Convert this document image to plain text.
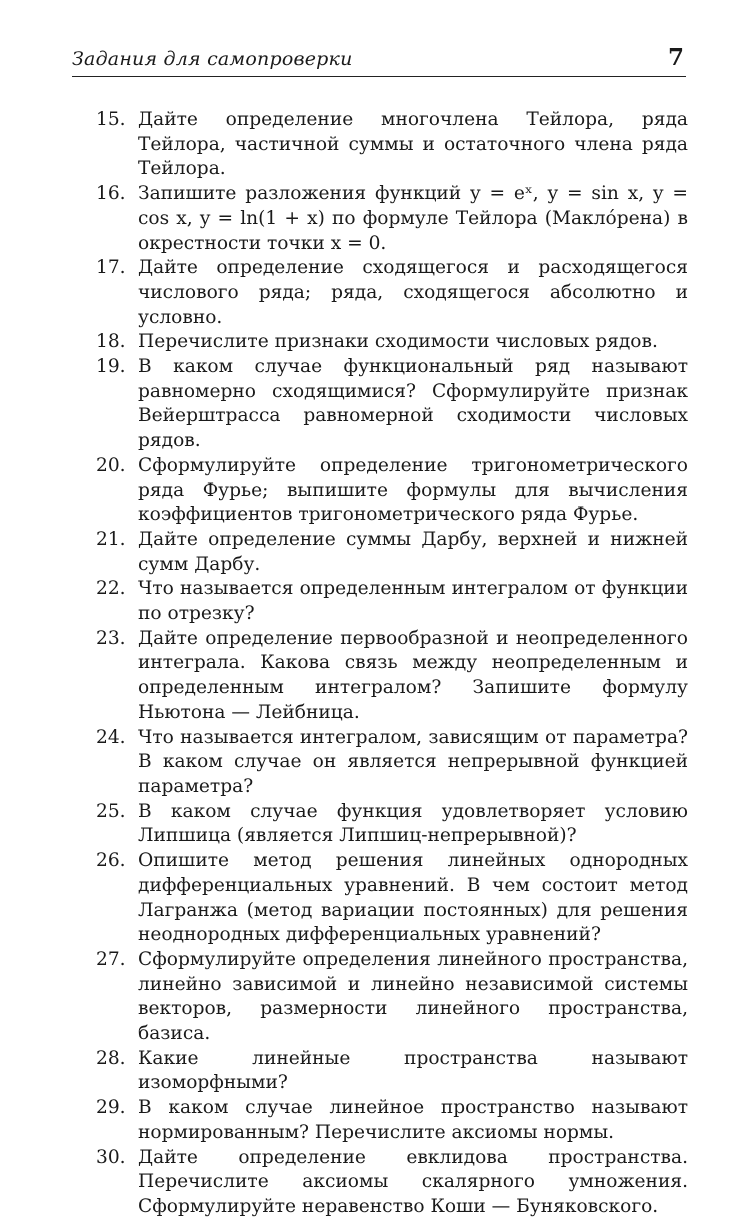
Задания для самопроверки	7
15. Дайте определение многочлена Тейлора, ряда Тейлора, частичной суммы и остаточного члена ряда Тейлора.
16. Запишите разложения функций y = eˣ, y = sin x, y = cos x, y = ln(1 + x) по формуле Тейлора (Макло́рена) в окрестности точки x = 0.
17. Дайте определение сходящегося и расходящегося числового ряда; ряда, сходящегося абсолютно и условно.
18. Перечислите признаки сходимости числовых рядов.
19. В каком случае функциональный ряд называют равномерно сходящимися? Сформулируйте признак Вейерштрасса равномерной сходимости числовых рядов.
20. Сформулируйте определение тригонометрического ряда Фурье; выпишите формулы для вычисления коэффициентов тригонометрического ряда Фурье.
21. Дайте определение суммы Дарбу, верхней и нижней сумм Дарбу.
22. Что называется определенным интегралом от функции по отрезку?
23. Дайте определение первообразной и неопределенного интеграла. Какова связь между неопределенным и определенным интегралом? Запишите формулу Ньютона — Лейбница.
24. Что называется интегралом, зависящим от параметра? В каком случае он является непрерывной функцией параметра?
25. В каком случае функция удовлетворяет условию Липшица (является Липшиц-непрерывной)?
26. Опишите метод решения линейных однородных дифференциальных уравнений. В чем состоит метод Лагранжа (метод вариации постоянных) для решения неоднородных дифференциальных уравнений?
27. Сформулируйте определения линейного пространства, линейно зависимой и линейно независимой системы векторов, размерности линейного пространства, базиса.
28. Какие линейные пространства называют изоморфными?
29. В каком случае линейное пространство называют нормированным? Перечислите аксиомы нормы.
30. Дайте определение евклидова пространства. Перечислите аксиомы скалярного умножения. Сформулируйте неравенство Коши — Буняковского.
